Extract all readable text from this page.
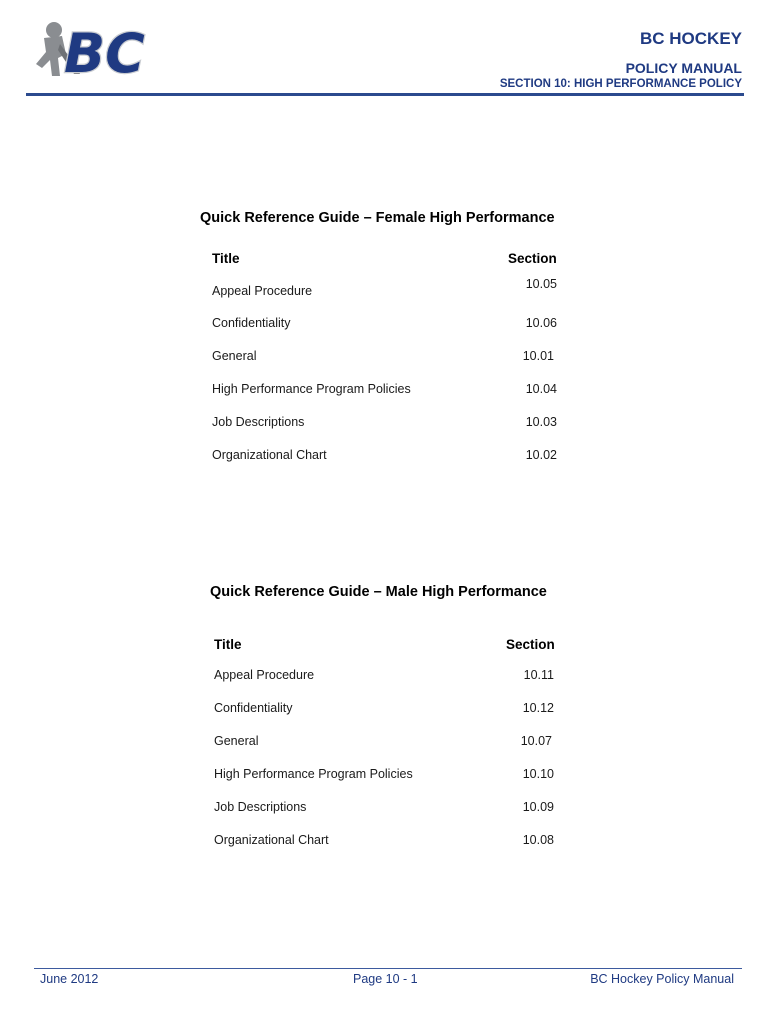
BC	BC HOCKEY
POLICY MANUAL
SECTION 10: HIGH PERFORMANCE POLICY
Quick Reference Guide – Female High Performance
Title	Section
Appeal Procedure	10.05
Confidentiality	10.06
General	10.01
High Performance Program Policies	10.04
Job Descriptions	10.03
Organizational Chart	10.02
Quick Reference Guide – Male High Performance
Title	Section
Appeal Procedure	10.11
Confidentiality	10.12
General	10.07
High Performance Program Policies	10.10
Job Descriptions	10.09
Organizational Chart	10.08
June 2012	Page 10 - 1	BC Hockey Policy Manual
